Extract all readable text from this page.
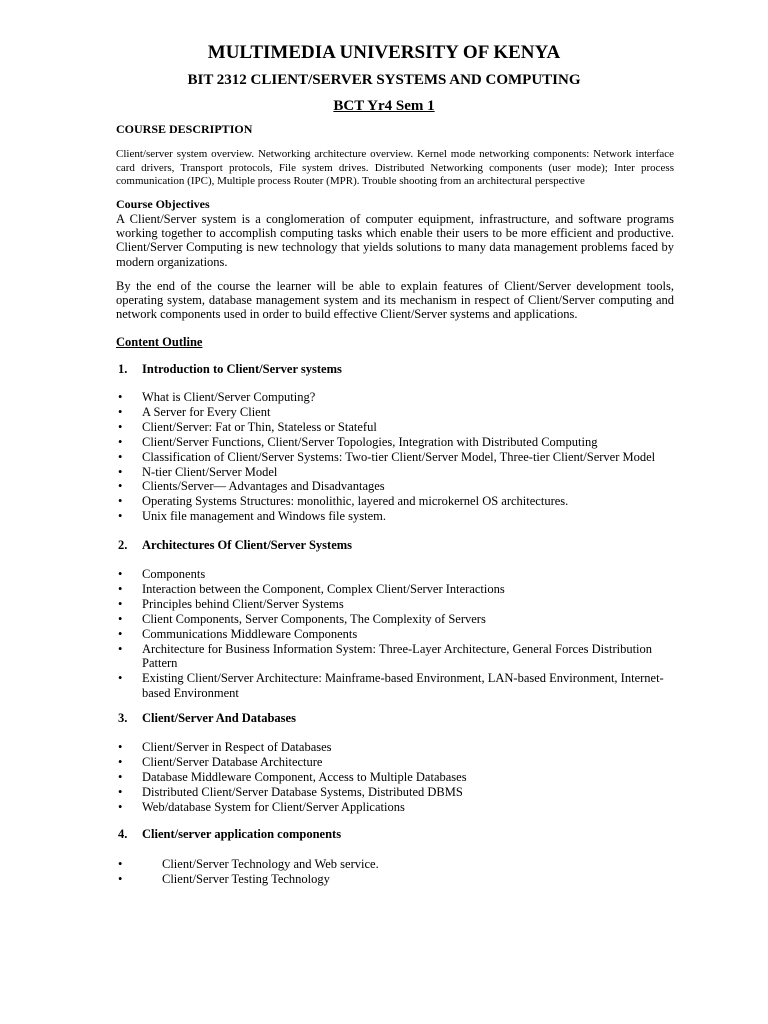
MULTIMEDIA UNIVERSITY OF KENYA
BIT 2312 CLIENT/SERVER SYSTEMS AND COMPUTING
BCT Yr4 Sem 1
COURSE DESCRIPTION
Client/server system overview. Networking architecture overview. Kernel mode networking components: Network interface card drivers, Transport protocols, File system drives. Distributed Networking components (user mode); Inter process communication (IPC), Multiple process Router (MPR). Trouble shooting from an architectural perspective
Course Objectives
A Client/Server system is a conglomeration of computer equipment, infrastructure, and software programs working together to accomplish computing tasks which enable their users to be more efficient and productive. Client/Server Computing is new technology that yields solutions to many data management problems faced by modern organizations.
By the end of the course the learner will be able to explain features of Client/Server development tools, operating system, database management system and its mechanism in respect of Client/Server computing and network components used in order to build effective Client/Server systems and applications.
Content Outline
1. Introduction to Client/Server systems
• What is Client/Server Computing?
• A Server for Every Client
• Client/Server: Fat or Thin, Stateless or Stateful
• Client/Server Functions, Client/Server Topologies, Integration with Distributed Computing
• Classification of Client/Server Systems: Two-tier Client/Server Model, Three-tier Client/Server Model
• N-tier Client/Server Model
• Clients/Server— Advantages and Disadvantages
• Operating Systems Structures: monolithic, layered and microkernel OS architectures.
• Unix file management and Windows file system.
2. Architectures Of Client/Server Systems
• Components
• Interaction between the Component, Complex Client/Server Interactions
• Principles behind Client/Server Systems
• Client Components, Server Components, The Complexity of Servers
• Communications Middleware Components
• Architecture for Business Information System: Three-Layer Architecture, General Forces Distribution Pattern
• Existing Client/Server Architecture: Mainframe-based Environment, LAN-based Environment, Internet-based Environment
3. Client/Server And Databases
• Client/Server in Respect of Databases
• Client/Server Database Architecture
• Database Middleware Component, Access to Multiple Databases
• Distributed Client/Server Database Systems, Distributed DBMS
• Web/database System for Client/Server Applications
4. Client/server application components
•	Client/Server Technology and Web service.
•	Client/Server Testing Technology
